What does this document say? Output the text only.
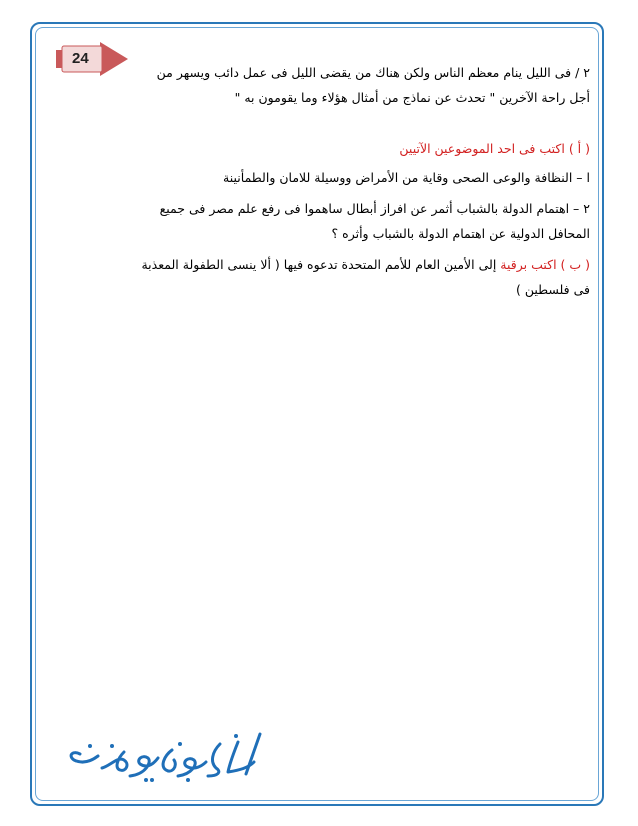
24

٢ / فى الليل ينام معظم الناس ولكن هناك من يقضى الليل فى عمل دائب ويسهر من

أجل راحة الآخرين " تحدث عن نماذج من أمثال هؤلاء وما يقومون به "

( أ ) اكتب فى احد الموضوعين الآتيين

ا – النظافة والوعى الصحى وقاية من الأمراض ووسيلة للامان والطمأنينة

٢ – اهتمام الدولة بالشباب أثمر عن افراز أبطال ساهموا فى رفع علم مصر فى جميع

المحافل الدولية عن اهتمام الدولة بالشباب وأثره ؟

( ب ) اكتب برقية إلى الأمين العام للأمم المتحدة تدعوه فيها ( ألا ينسى الطفولة المعذبة

فى فلسطين )
